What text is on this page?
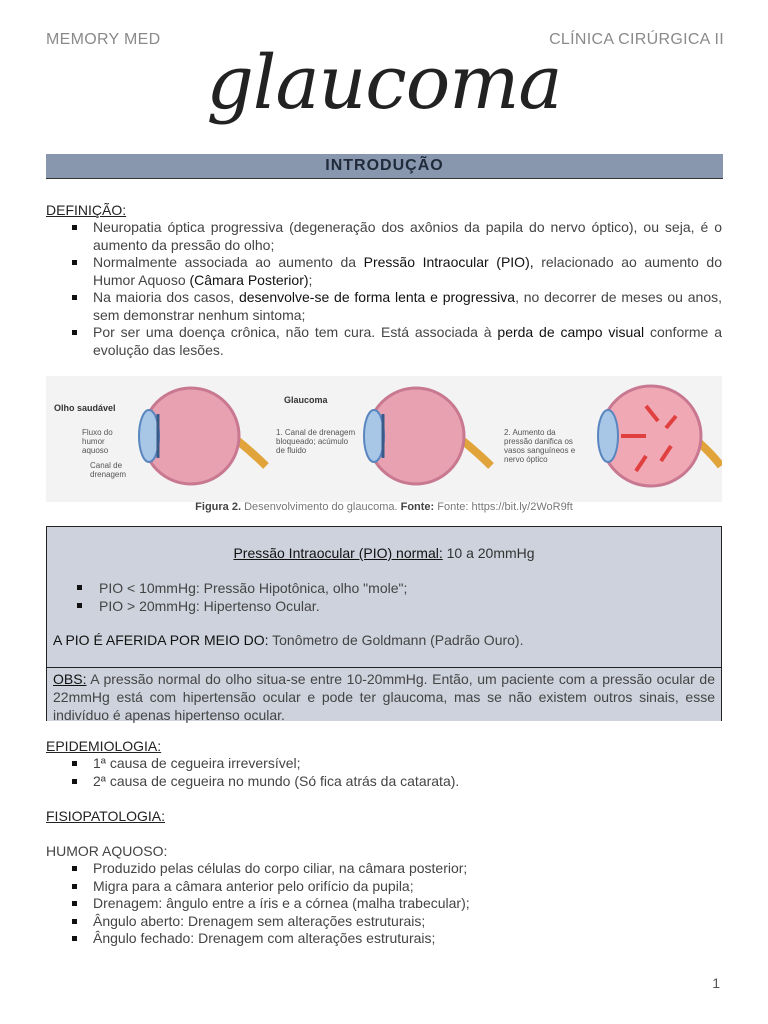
MEMORY MED	CLÍNICA CIRÚRGICA II
glaucoma
INTRODUÇÃO
DEFINIÇÃO:
Neuropatia óptica progressiva (degeneração dos axônios da papila do nervo óptico), ou seja, é o aumento da pressão do olho;
Normalmente associada ao aumento da Pressão Intraocular (PIO), relacionado ao aumento do Humor Aquoso (Câmara Posterior);
Na maioria dos casos, desenvolve-se de forma lenta e progressiva, no decorrer de meses ou anos, sem demonstrar nenhum sintoma;
Por ser uma doença crônica, não tem cura. Está associada à perda de campo visual conforme a evolução das lesões.
Olho saudável
Fluxo do humor aquoso
Canal de drenagem
Glaucoma
1. Canal de drenagem bloqueado; acúmulo de fluido
2. Aumento da pressão danifica os vasos sanguíneos e nervo óptico
Figura 2. Desenvolvimento do glaucoma. Fonte: Fonte: https://bit.ly/2WoR9ft
Pressão Intraocular (PIO) normal: 10 a 20mmHg
PIO < 10mmHg: Pressão Hipotônica, olho "mole";
PIO > 20mmHg: Hipertenso Ocular.
A PIO É AFERIDA POR MEIO DO: Tonômetro de Goldmann (Padrão Ouro).
OBS: A pressão normal do olho situa-se entre 10-20mmHg. Então, um paciente com a pressão ocular de 22mmHg está com hipertensão ocular e pode ter glaucoma, mas se não existem outros sinais, esse indivíduo é apenas hipertenso ocular.
EPIDEMIOLOGIA:
1ª causa de cegueira irreversível;
2ª causa de cegueira no mundo (Só fica atrás da catarata).
FISIOPATOLOGIA:
HUMOR AQUOSO:
Produzido pelas células do corpo ciliar, na câmara posterior;
Migra para a câmara anterior pelo orifício da pupila;
Drenagem: ângulo entre a íris e a córnea (malha trabecular);
Ângulo aberto: Drenagem sem alterações estruturais;
Ângulo fechado: Drenagem com alterações estruturais;
1
